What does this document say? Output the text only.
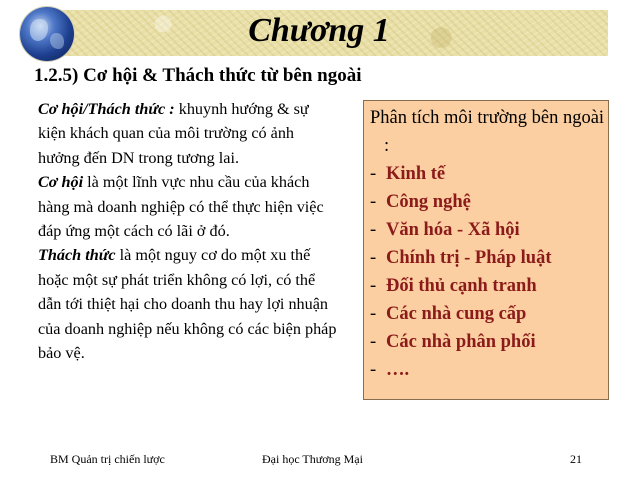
Chương 1
1.2.5) Cơ hội & Thách thức từ bên ngoài

Cơ hội/Thách thức : khuynh hướng & sự kiện khách quan của môi trường có ảnh hưởng đến DN trong tương lai.

Cơ hội là một lĩnh vực nhu cầu của khách hàng mà doanh nghiệp có thể thực hiện việc đáp ứng một cách có lãi ở đó.

Thách thức là một nguy cơ do một xu thế hoặc một sự phát triển không có lợi, có thể dẫn tới thiệt hại cho doanh thu hay lợi nhuận của doanh nghiệp nếu không có các biện pháp bảo vệ.

Phân tích môi trường bên ngoài :

- Kinh tế
- Công nghệ
- Văn hóa - Xã hội
- Chính trị - Pháp luật
- Đối thủ cạnh tranh
- Các nhà cung cấp
- Các nhà phân phối
- ….
BM Quản trị chiến lược	Đại học Thương Mại	21
